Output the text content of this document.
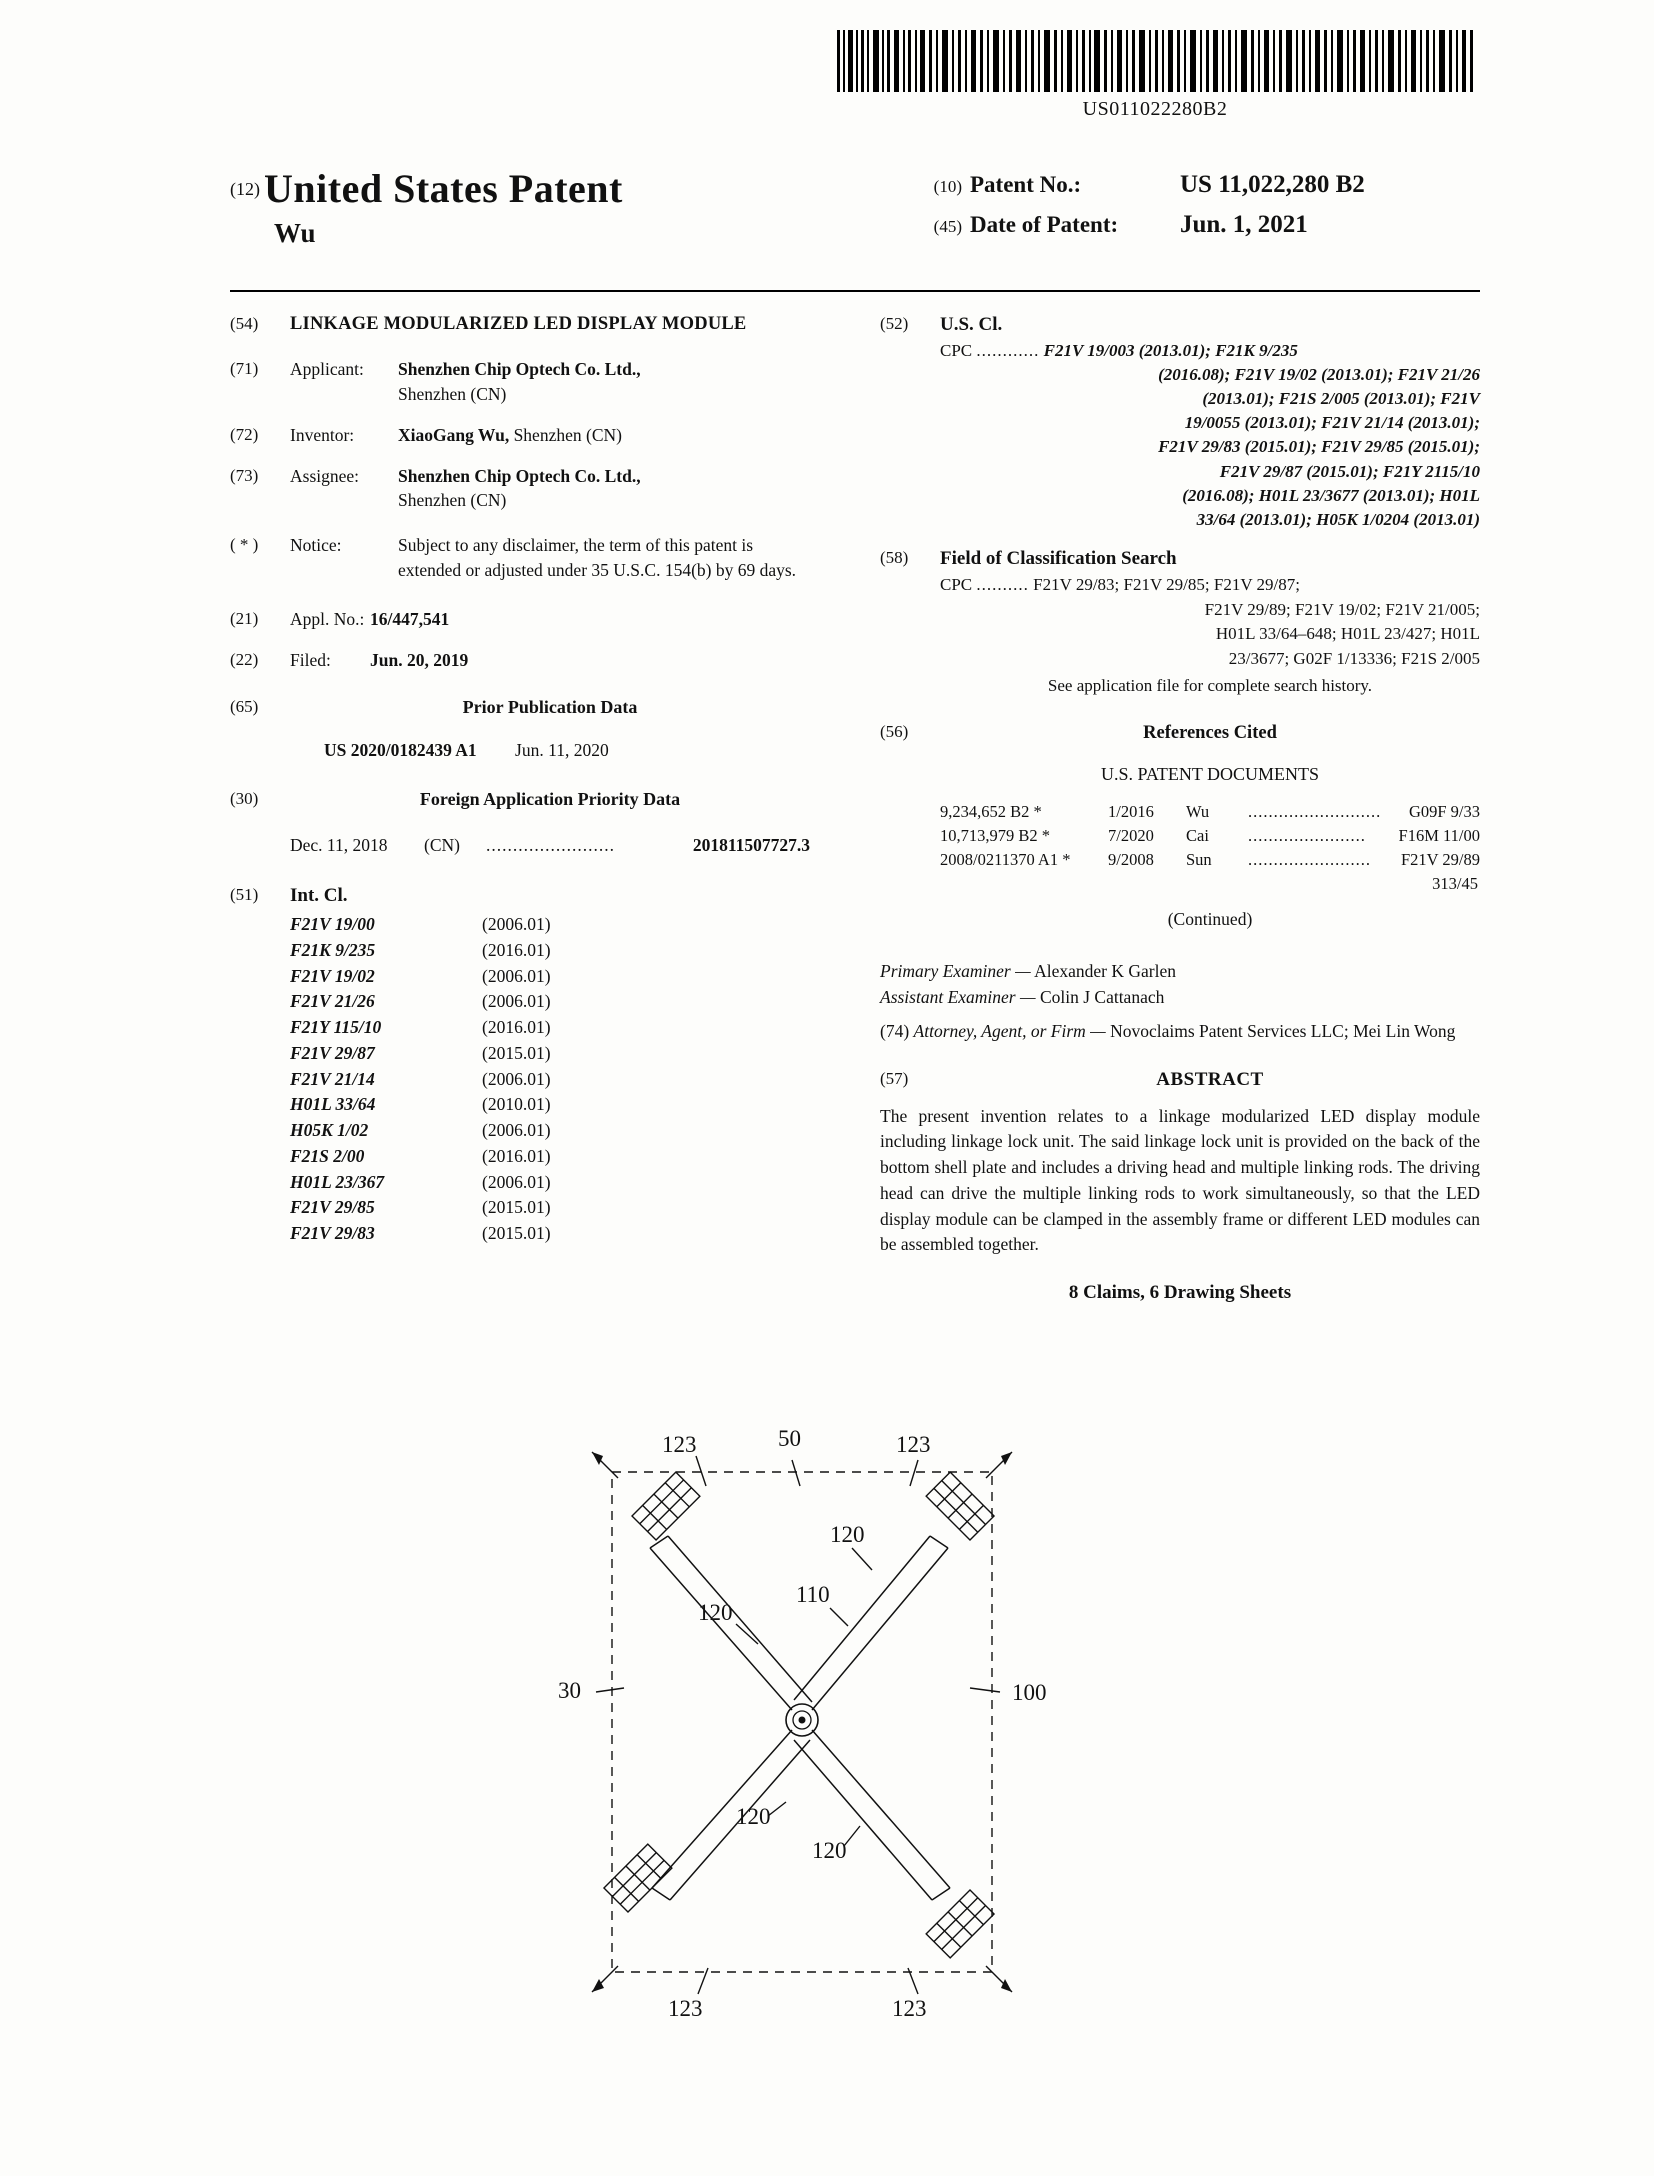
US011022280B2
(12) United States Patent
Wu
(10) Patent No.:	US 11,022,280 B2
(45) Date of Patent:	Jun. 1, 2021
(54)	LINKAGE MODULARIZED LED DISPLAY MODULE
(71)	Applicant:	Shenzhen Chip Optech Co. Ltd.,
Shenzhen (CN)
(72)	Inventor:	XiaoGang Wu, Shenzhen (CN)
(73)	Assignee:	Shenzhen Chip Optech Co. Ltd.,
Shenzhen (CN)
( * )	Notice:	Subject to any disclaimer, the term of this patent is extended or adjusted under 35 U.S.C. 154(b) by 69 days.
(21)	Appl. No.: 16/447,541
(22)	Filed:	Jun. 20, 2019
(65)	Prior Publication Data
US 2020/0182439 A1 Jun. 11, 2020
(30)	Foreign Application Priority Data
Dec. 11, 2018	(CN)	........................	201811507727.3
(51)	Int. Cl.
F21V 19/00	(2006.01)
F21K 9/235	(2016.01)
F21V 19/02	(2006.01)
F21V 21/26	(2006.01)
F21Y 115/10	(2016.01)
F21V 29/87	(2015.01)
F21V 21/14	(2006.01)
H01L 33/64	(2010.01)
H05K 1/02	(2006.01)
F21S 2/00	(2016.01)
H01L 23/367	(2006.01)
F21V 29/85	(2015.01)
F21V 29/83	(2015.01)
(52)	U.S. Cl.
CPC ............ F21V 19/003 (2013.01); F21K 9/235
(2016.08); F21V 19/02 (2013.01); F21V 21/26
(2013.01); F21S 2/005 (2013.01); F21V
19/0055 (2013.01); F21V 21/14 (2013.01);
F21V 29/83 (2015.01); F21V 29/85 (2015.01);
F21V 29/87 (2015.01); F21Y 2115/10
(2016.08); H01L 23/3677 (2013.01); H01L
33/64 (2013.01); H05K 1/0204 (2013.01)
(58)	Field of Classification Search
CPC .......... F21V 29/83; F21V 29/85; F21V 29/87;
F21V 29/89; F21V 19/02; F21V 21/005;
H01L 33/64–648; H01L 23/427; H01L
23/3677; G02F 1/13336; F21S 2/005
See application file for complete search history.
(56)	References Cited
U.S. PATENT DOCUMENTS
9,234,652 B2 *	1/2016	Wu	..........................	G09F 9/33
10,713,979 B2 *	7/2020	Cai	.......................	F16M 11/00
2008/0211370 A1 *	9/2008	Sun	........................	F21V 29/89
313/45
(Continued)
Primary Examiner — Alexander K Garlen
Assistant Examiner — Colin J Cattanach
(74) Attorney, Agent, or Firm — Novoclaims Patent Services LLC; Mei Lin Wong
(57)	ABSTRACT
The present invention relates to a linkage modularized LED display module including linkage lock unit. The said linkage lock unit is provided on the back of the bottom shell plate and includes a driving head and multiple linking rods. The driving head can drive the multiple linking rods to work simultaneously, so that the LED display module can be clamped in the assembly frame or different LED modules can be assembled together.
8 Claims, 6 Drawing Sheets
123	50	123
120
110
120
30	100
120
120
123	123
